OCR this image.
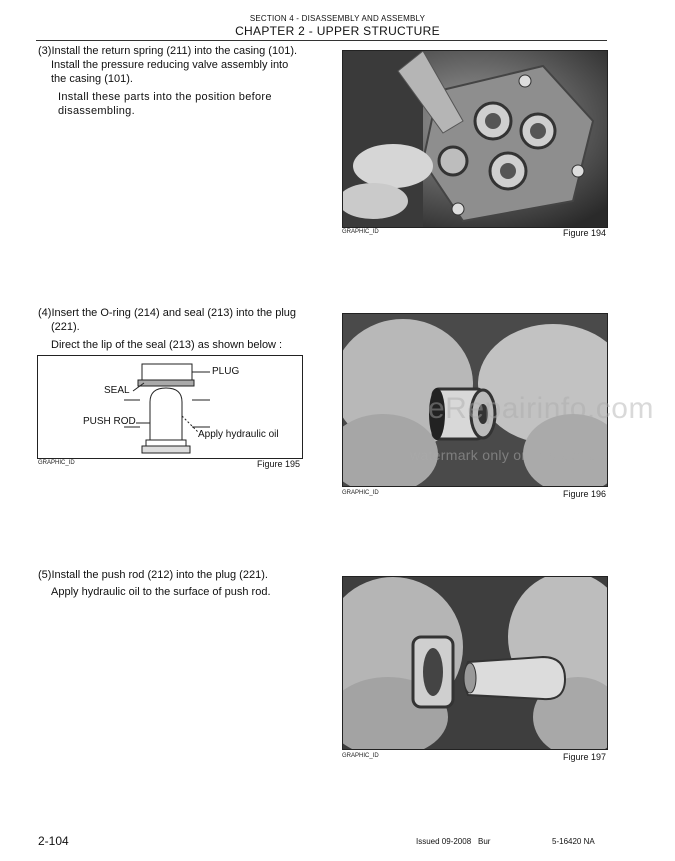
SECTION 4 - DISASSEMBLY AND ASSEMBLY
CHAPTER 2 - UPPER STRUCTURE
(3)Install the return spring (211) into the casing (101).
Install the pressure reducing valve assembly into
the casing (101).
Install these parts into the position before
disassembling.
GRAPHIC_ID	Figure 194
(4)Insert the O-ring (214) and seal (213) into the plug
(221).
Direct the lip of the seal (213) as shown below :
PLUG
SEAL
PUSH ROD
Apply hydraulic oil
GRAPHIC_ID	Figure 195
GRAPHIC_ID	Figure 196
(5)Install the push rod (212) into the plug (221).
Apply hydraulic oil to the surface of push rod.
GRAPHIC_ID	Figure 197
eRepairinfo.com
watermark only on this sample
2-104	Issued 09-2008 Bur	5-16420 NA
